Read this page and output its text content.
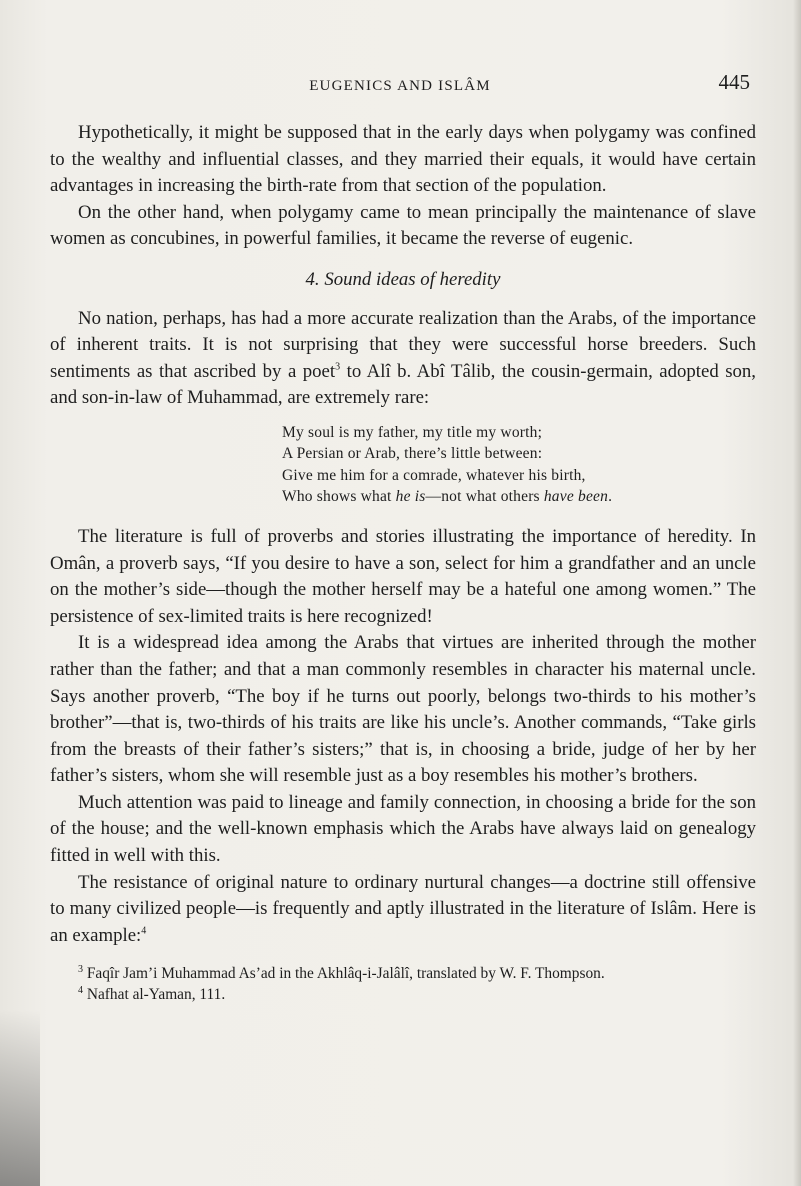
EUGENICS AND ISLÂM	445

Hypothetically, it might be supposed that in the early days when polygamy was confined to the wealthy and influential classes, and they married their equals, it would have certain advantages in increasing the birth-rate from that section of the population.

On the other hand, when polygamy came to mean principally the maintenance of slave women as concubines, in powerful families, it became the reverse of eugenic.

4. Sound ideas of heredity

No nation, perhaps, has had a more accurate realization than the Arabs, of the importance of inherent traits. It is not surprising that they were successful horse breeders. Such sentiments as that ascribed by a poet$^3$ to Alî b. Abî Tâlib, the cousin-germain, adopted son, and son-in-law of Muhammad, are extremely rare:

My soul is my father, my title my worth;
A Persian or Arab, there’s little between:
Give me him for a comrade, whatever his birth,
Who shows what he is—not what others have been.

The literature is full of proverbs and stories illustrating the importance of heredity. In Omân, a proverb says, “If you desire to have a son, select for him a grandfather and an uncle on the mother’s side—though the mother herself may be a hateful one among women.” The persistence of sex-limited traits is here recognized!

It is a widespread idea among the Arabs that virtues are inherited through the mother rather than the father; and that a man commonly resembles in character his maternal uncle. Says another proverb, “The boy if he turns out poorly, belongs two-thirds to his mother’s brother”—that is, two-thirds of his traits are like his uncle’s. Another commands, “Take girls from the breasts of their father’s sisters;” that is, in choosing a bride, judge of her by her father’s sisters, whom she will resemble just as a boy resembles his mother’s brothers.

Much attention was paid to lineage and family connection, in choosing a bride for the son of the house; and the well-known emphasis which the Arabs have always laid on genealogy fitted in well with this.

The resistance of original nature to ordinary nurtural changes—a doctrine still offensive to many civilized people—is frequently and aptly illustrated in the literature of Islâm. Here is an example:$^4$

$^3$ Faqîr Jam’i Muhammad As’ad in the Akhlâq-i-Jalâlî, translated by W. F. Thompson.
$^4$ Nafhat al-Yaman, 111.
